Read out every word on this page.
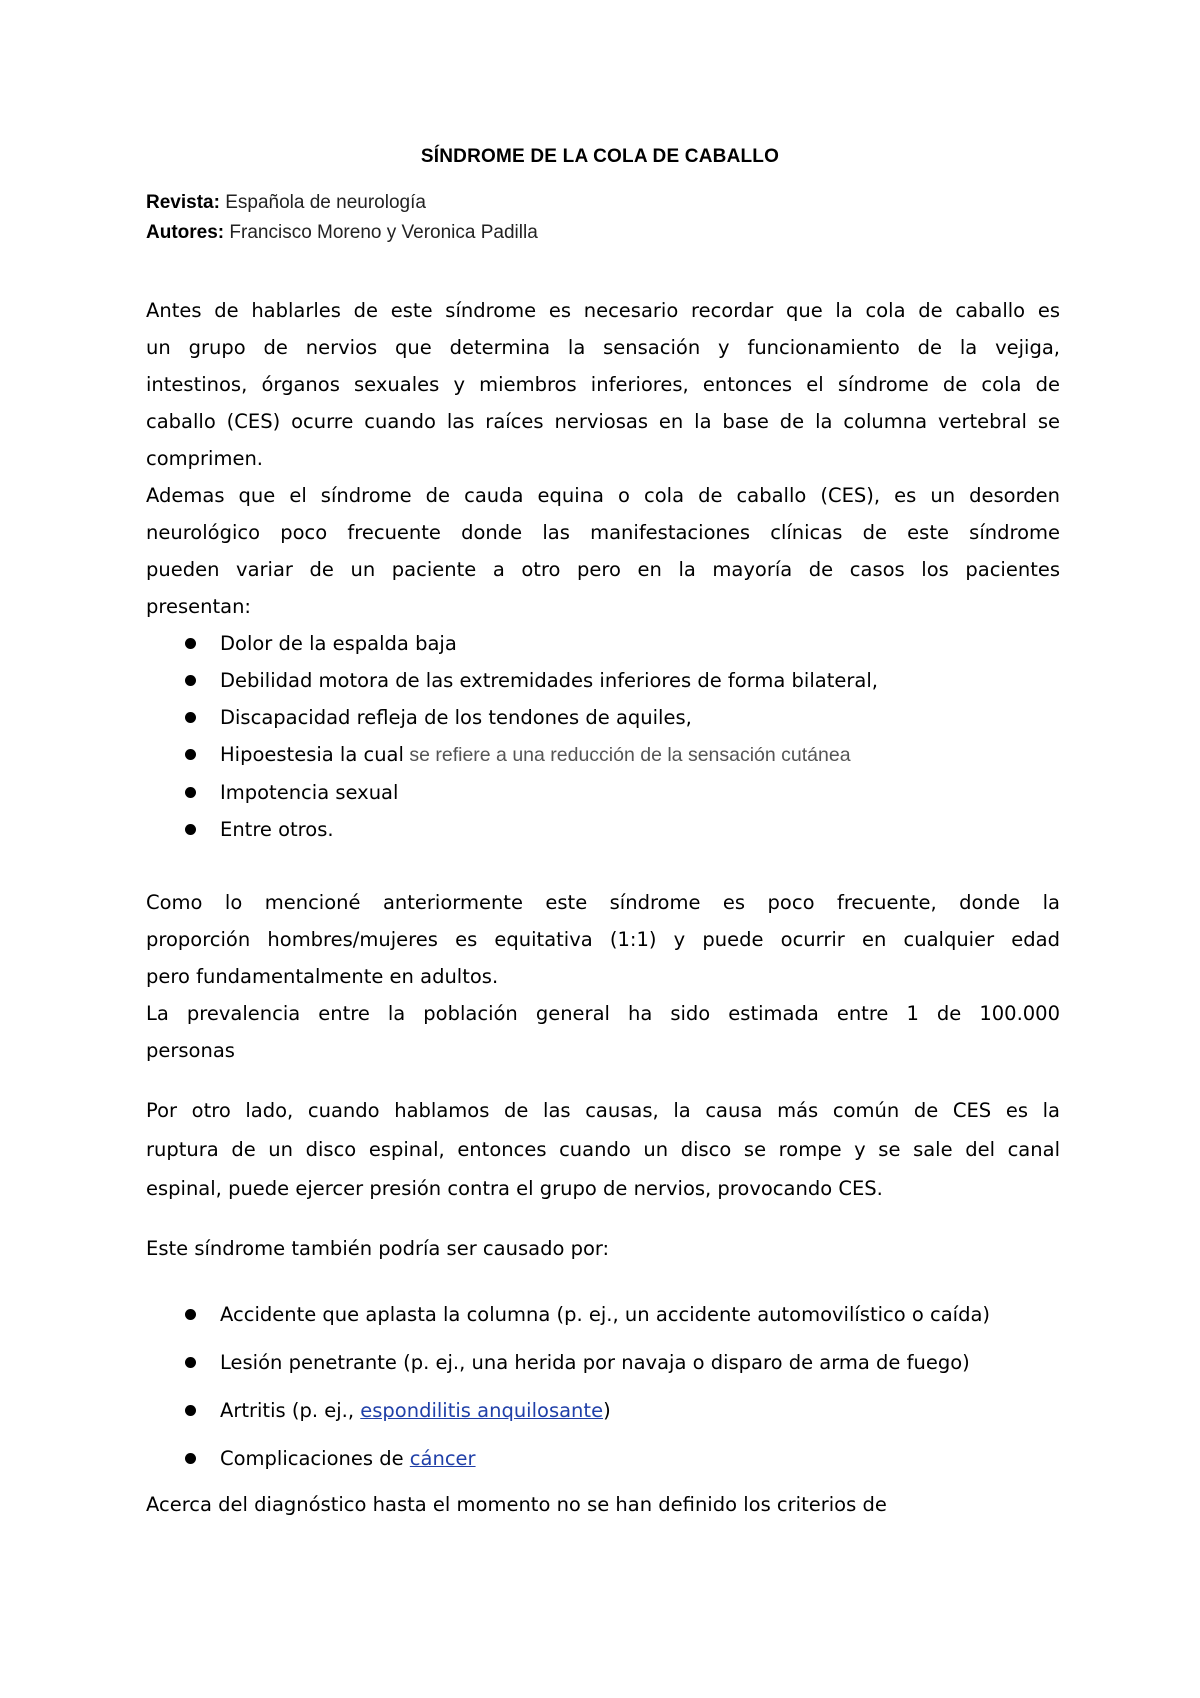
SÍNDROME DE LA COLA DE CABALLO
Revista: Española de neurología
Autores: Francisco Moreno y Veronica Padilla
Antes de hablarles de este síndrome es necesario recordar que la cola de caballo es
un grupo de nervios que determina la sensación y funcionamiento de la vejiga,
intestinos, órganos sexuales y miembros inferiores, entonces el síndrome de cola de
caballo (CES) ocurre cuando las raíces nerviosas en la base de la columna vertebral se
comprimen.
Ademas que el síndrome de cauda equina o cola de caballo (CES), es un desorden
neurológico poco frecuente donde las manifestaciones clínicas de este síndrome
pueden variar de un paciente a otro pero en la mayoría de casos los pacientes
presentan:
Dolor de la espalda baja
Debilidad motora de las extremidades inferiores de forma bilateral,
Discapacidad refleja de los tendones de aquiles,
Hipoestesia la cual se refiere a una reducción de la sensación cutánea
Impotencia sexual
Entre otros.
Como lo mencioné anteriormente este síndrome es poco frecuente, donde la
proporción hombres/mujeres es equitativa (1:1) y puede ocurrir en cualquier edad
pero fundamentalmente en adultos.
La prevalencia entre la población general ha sido estimada entre 1 de 100.000
personas
Por otro lado, cuando hablamos de las causas, la causa más común de CES es la
ruptura de un disco espinal, entonces cuando un disco se rompe y se sale del canal
espinal, puede ejercer presión contra el grupo de nervios, provocando CES.
Este síndrome también podría ser causado por:
Accidente que aplasta la columna (p. ej., un accidente automovilístico o caída)
Lesión penetrante (p. ej., una herida por navaja o disparo de arma de fuego)
Artritis (p. ej., espondilitis anquilosante)
Complicaciones de cáncer
Acerca del diagnóstico hasta el momento no se han definido los criterios de
